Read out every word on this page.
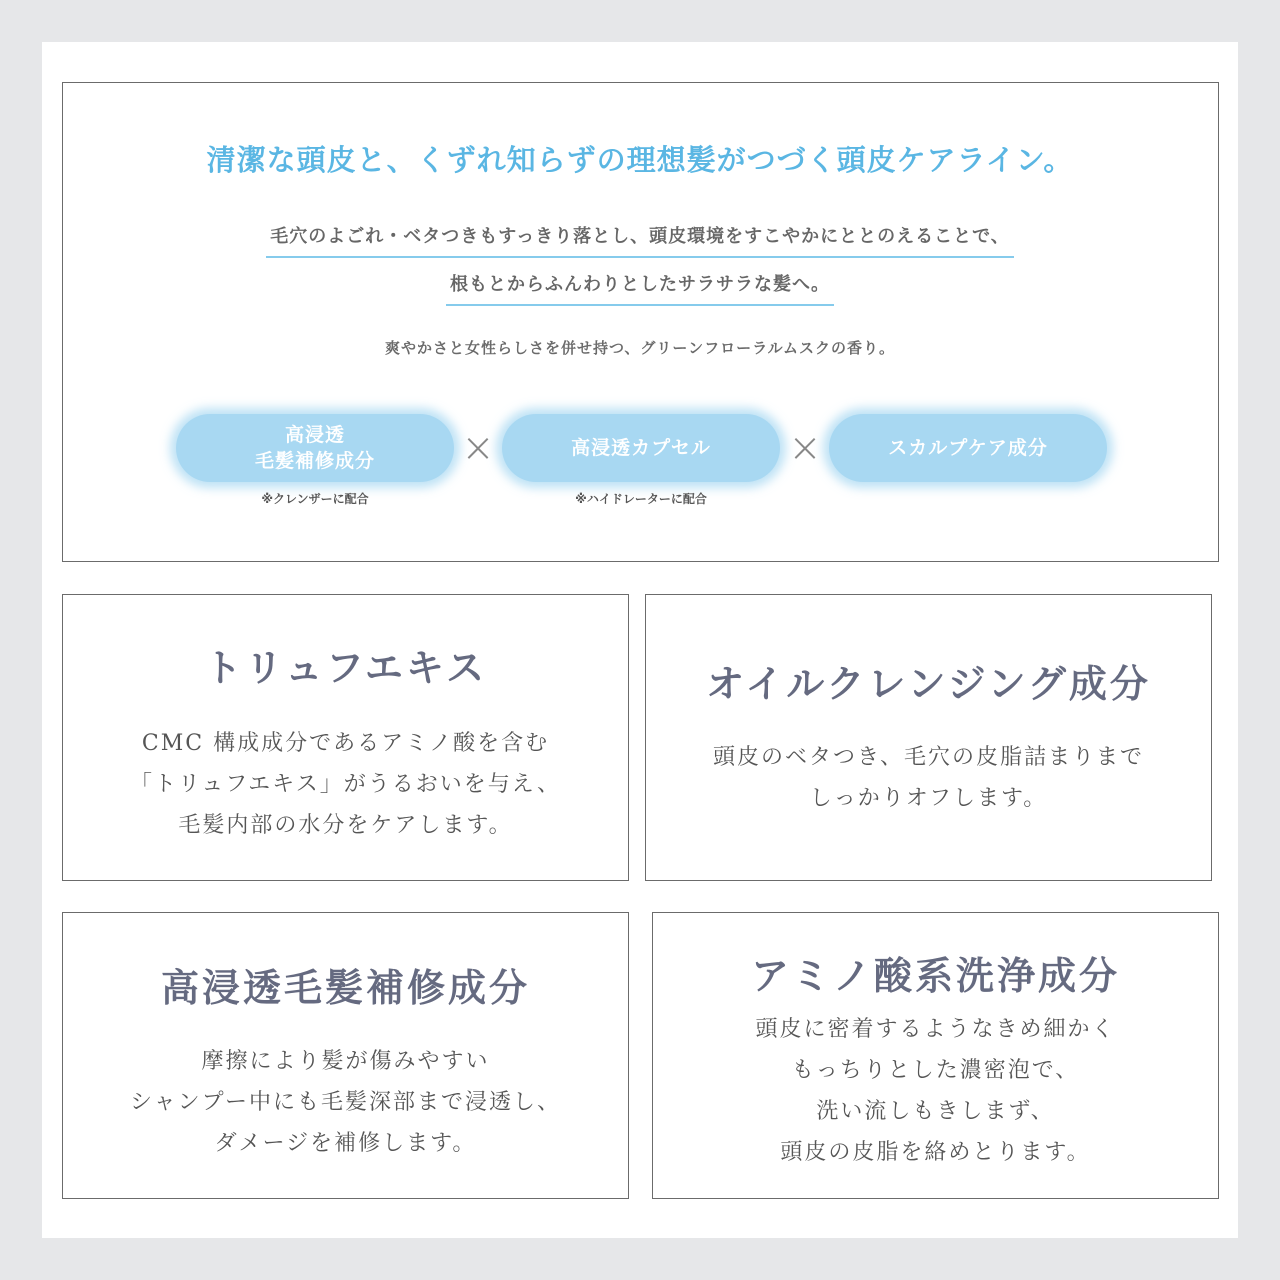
清潔な頭皮と、くずれ知らずの理想髪がつづく頭皮ケアライン。
毛穴のよごれ・ベタつきもすっきり落とし、頭皮環境をすこやかにととのえることで、
根もとからふんわりとしたサラサラな髪へ。
爽やかさと女性らしさを併せ持つ、グリーンフローラルムスクの香り。
高浸透
毛髪補修成分 ×	高浸透カプセル ×	スカルプケア成分
※クレンザーに配合	※ハイドレーターに配合
トリュフエキス
CMC 構成成分であるアミノ酸を含む
「トリュフエキス」がうるおいを与え、
毛髪内部の水分をケアします。
オイルクレンジング成分
頭皮のベタつき、毛穴の皮脂詰まりまで
しっかりオフします。
高浸透毛髪補修成分
摩擦により髪が傷みやすい
シャンプー中にも毛髪深部まで浸透し、
ダメージを補修します。
アミノ酸系洗浄成分
頭皮に密着するようなきめ細かく
もっちりとした濃密泡で、
洗い流しもきしまず、
頭皮の皮脂を絡めとります。
